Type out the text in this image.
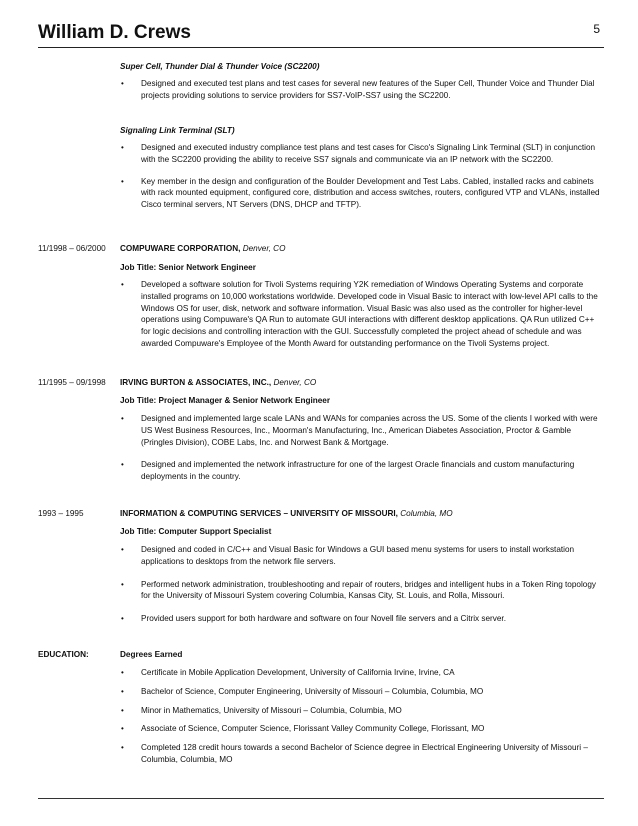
William D. Crews	5
Super Cell, Thunder Dial & Thunder Voice (SC2200)
• Designed and executed test plans and test cases for several new features of the Super Cell, Thunder Voice and Thunder Dial projects providing solutions to service providers for SS7-VoIP-SS7 using the SC2200.
Signaling Link Terminal (SLT)
• Designed and executed industry compliance test plans and test cases for Cisco's Signaling Link Terminal (SLT) in conjunction with the SC2200 providing the ability to receive SS7 signals and communicate via an IP network with the SC2200.
• Key member in the design and configuration of the Boulder Development and Test Labs. Cabled, installed racks and cabinets with rack mounted equipment, configured core, distribution and access switches, routers, configured VTP and VLANs, installed Cisco terminal servers, NT Servers (DNS, DHCP and TFTP).
11/1998 – 06/2000 COMPUWARE CORPORATION, Denver, CO
Job Title: Senior Network Engineer
• Developed a software solution for Tivoli Systems requiring Y2K remediation of Windows Operating Systems and corporate installed programs on 10,000 workstations worldwide. Developed code in Visual Basic to interact with low-level API calls to the Windows OS for user, disk, network and software information. Visual Basic was also used as the controller for higher-level operations using Compuware's QA Run to automate GUI interactions with different desktop applications. QA Run utilized C++ for logic decisions and controlling interaction with the GUI. Successfully completed the project ahead of schedule and was awarded Compuware's Employee of the Month Award for outstanding performance on the Tivoli Systems project.
11/1995 – 09/1998 IRVING BURTON & ASSOCIATES, INC., Denver, CO
Job Title: Project Manager & Senior Network Engineer
• Designed and implemented large scale LANs and WANs for companies across the US. Some of the clients I worked with were US West Business Resources, Inc., Moorman's Manufacturing, Inc., American Diabetes Association, Proctor & Gamble (Pringles Division), COBE Labs, Inc. and Norwest Bank & Mortgage.
• Designed and implemented the network infrastructure for one of the largest Oracle financials and custom manufacturing deployments in the country.
1993 – 1995	INFORMATION & COMPUTING SERVICES – UNIVERSITY OF MISSOURI, Columbia, MO
Job Title: Computer Support Specialist
• Designed and coded in C/C++ and Visual Basic for Windows a GUI based menu systems for users to install workstation applications to desktops from the network file servers.
• Performed network administration, troubleshooting and repair of routers, bridges and intelligent hubs in a Token Ring topology for the University of Missouri System covering Columbia, Kansas City, St. Louis, and Rolla, Missouri.
• Provided users support for both hardware and software on four Novell file servers and a Citrix server.
EDUCATION:	Degrees Earned
• Certificate in Mobile Application Development, University of California Irvine, Irvine, CA
• Bachelor of Science, Computer Engineering, University of Missouri – Columbia, Columbia, MO
• Minor in Mathematics, University of Missouri – Columbia, Columbia, MO
• Associate of Science, Computer Science, Florissant Valley Community College, Florissant, MO
• Completed 128 credit hours towards a second Bachelor of Science degree in Electrical Engineering University of Missouri – Columbia, Columbia, MO
